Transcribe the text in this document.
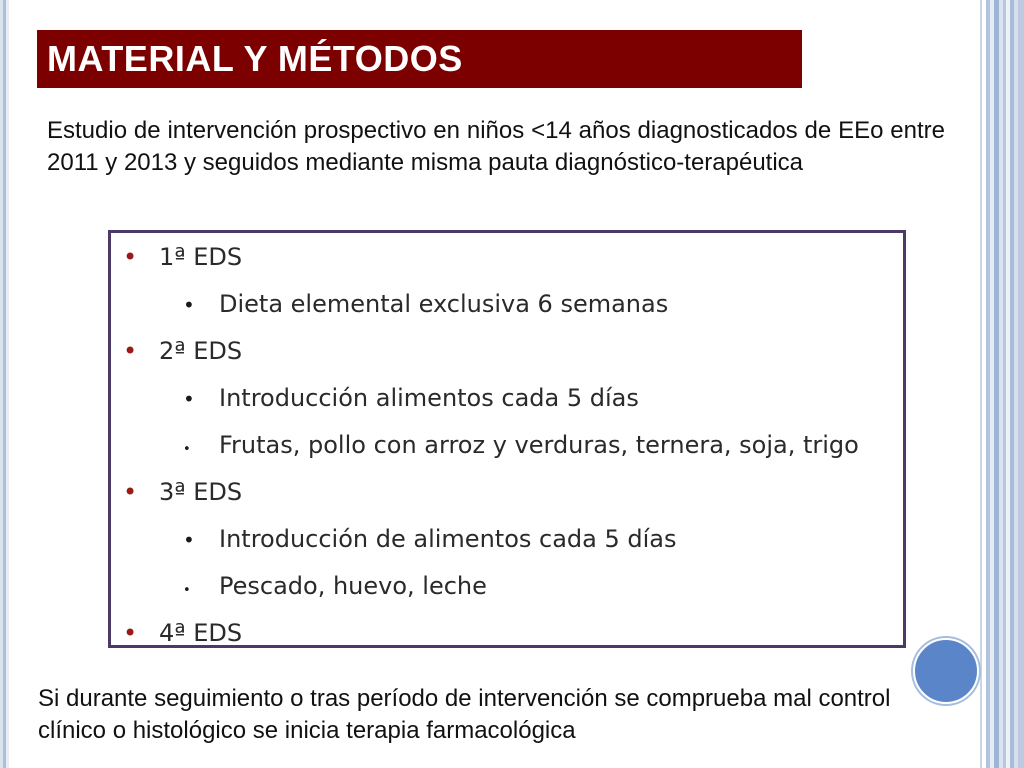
MATERIAL Y MÉTODOS
Estudio de intervención prospectivo en niños <14 años diagnosticados de EEo entre 2011 y 2013 y seguidos mediante misma pauta diagnóstico-terapéutica
• 1ª EDS
•	Dieta elemental exclusiva 6 semanas
• 2ª EDS
•	Introducción alimentos cada 5 días
•	Frutas, pollo con arroz y verduras, ternera, soja, trigo
• 3ª EDS
•	Introducción de alimentos cada 5 días
•	Pescado, huevo, leche
• 4ª EDS
Si durante seguimiento o tras período de intervención se comprueba mal control clínico o histológico se inicia terapia farmacológica
